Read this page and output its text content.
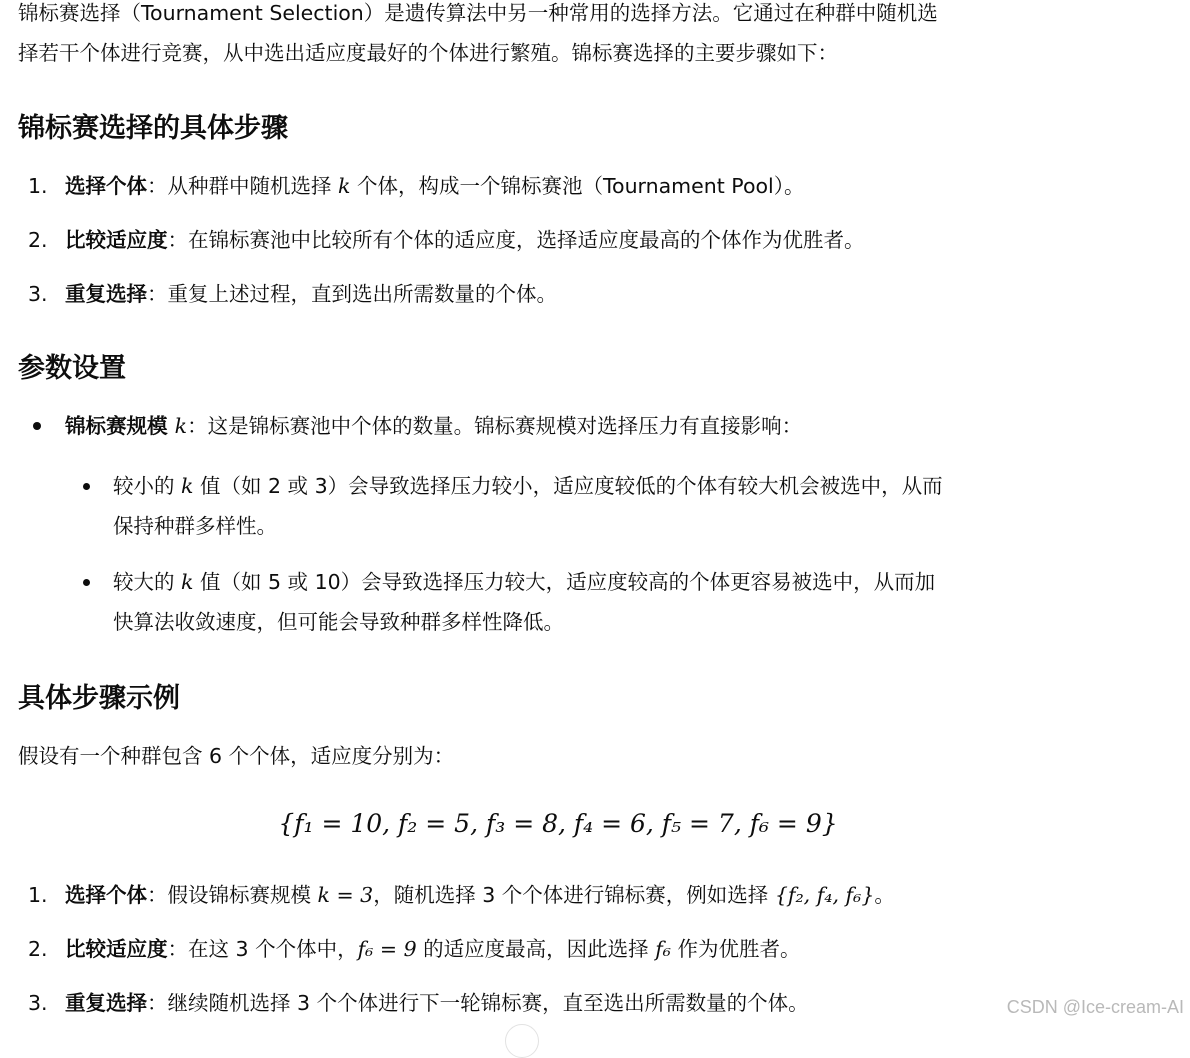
锦标赛选择（Tournament Selection）是遗传算法中另一种常用的选择方法。它通过在种群中随机选
择若干个体进行竞赛，从中选出适应度最好的个体进行繁殖。锦标赛选择的主要步骤如下：
锦标赛选择的具体步骤
1. 选择个体：从种群中随机选择 k 个体，构成一个锦标赛池（Tournament Pool）。
2. 比较适应度：在锦标赛池中比较所有个体的适应度，选择适应度最高的个体作为优胜者。
3. 重复选择：重复上述过程，直到选出所需数量的个体。
参数设置
锦标赛规模 k：这是锦标赛池中个体的数量。锦标赛规模对选择压力有直接影响：
较小的 k 值（如 2 或 3）会导致选择压力较小，适应度较低的个体有较大机会被选中，从而
保持种群多样性。
较大的 k 值（如 5 或 10）会导致选择压力较大，适应度较高的个体更容易被选中，从而加
快算法收敛速度，但可能会导致种群多样性降低。
具体步骤示例
假设有一个种群包含 6 个个体，适应度分别为：
{f₁ = 10, f₂ = 5, f₃ = 8, f₄ = 6, f₅ = 7, f₆ = 9}
1. 选择个体：假设锦标赛规模 k = 3，随机选择 3 个个体进行锦标赛，例如选择 {f₂, f₄, f₆}。
2. 比较适应度：在这 3 个个体中，f₆ = 9 的适应度最高，因此选择 f₆ 作为优胜者。
3. 重复选择：继续随机选择 3 个个体进行下一轮锦标赛，直至选出所需数量的个体。	CSDN @Ice-cream-AI
